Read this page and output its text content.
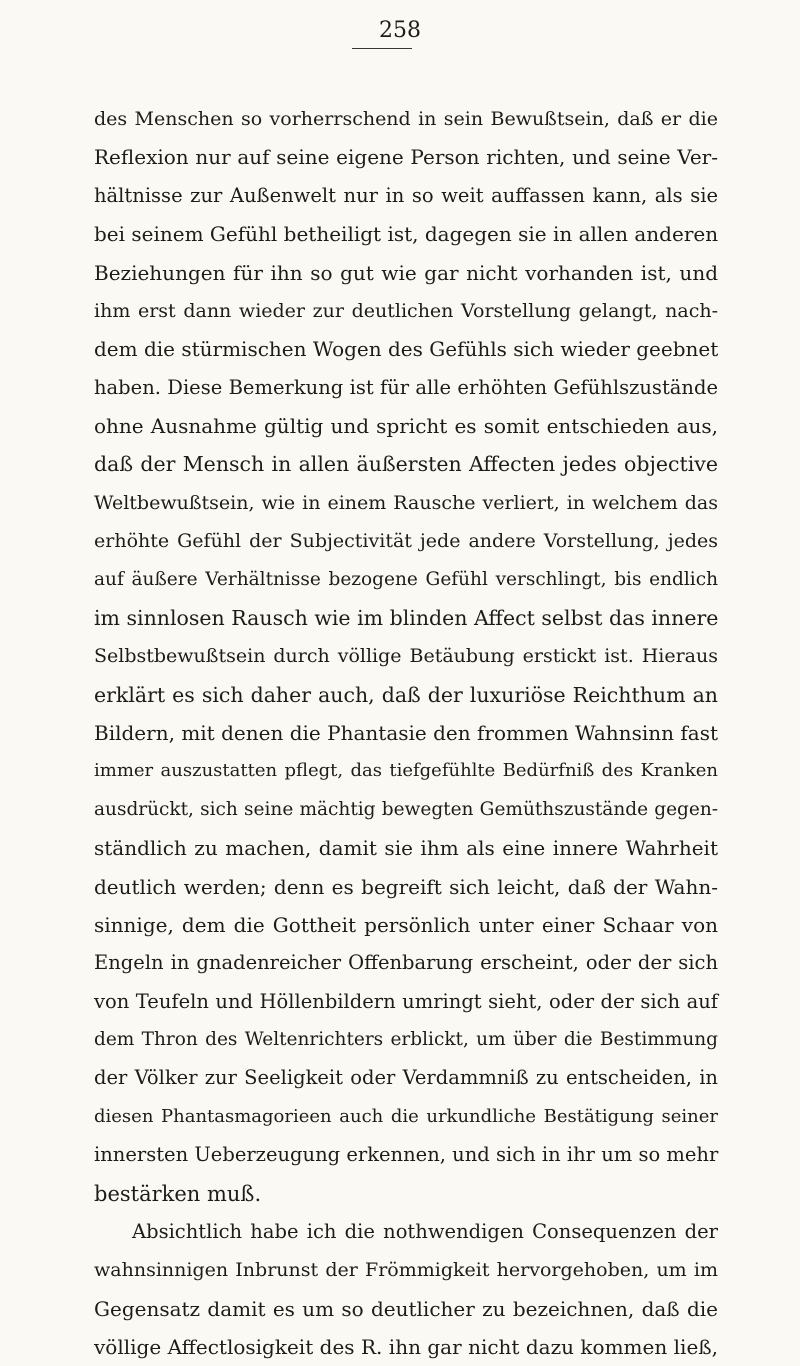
258
des Menschen so vorherrschend in sein Bewußtsein, daß er die
Reflexion nur auf seine eigene Person richten, und seine Ver-
hältnisse zur Außenwelt nur in so weit auffassen kann, als sie
bei seinem Gefühl betheiligt ist, dagegen sie in allen anderen
Beziehungen für ihn so gut wie gar nicht vorhanden ist, und
ihm erst dann wieder zur deutlichen Vorstellung gelangt, nach-
dem die stürmischen Wogen des Gefühls sich wieder geebnet
haben. Diese Bemerkung ist für alle erhöhten Gefühlszustände
ohne Ausnahme gültig und spricht es somit entschieden aus,
daß der Mensch in allen äußersten Affecten jedes objective
Weltbewußtsein, wie in einem Rausche verliert, in welchem das
erhöhte Gefühl der Subjectivität jede andere Vorstellung, jedes
auf äußere Verhältnisse bezogene Gefühl verschlingt, bis endlich
im sinnlosen Rausch wie im blinden Affect selbst das innere
Selbstbewußtsein durch völlige Betäubung erstickt ist. Hieraus
erklärt es sich daher auch, daß der luxuriöse Reichthum an
Bildern, mit denen die Phantasie den frommen Wahnsinn fast
immer auszustatten pflegt, das tiefgefühlte Bedürfniß des Kranken
ausdrückt, sich seine mächtig bewegten Gemüthszustände gegen-
ständlich zu machen, damit sie ihm als eine innere Wahrheit
deutlich werden; denn es begreift sich leicht, daß der Wahn-
sinnige, dem die Gottheit persönlich unter einer Schaar von
Engeln in gnadenreicher Offenbarung erscheint, oder der sich
von Teufeln und Höllenbildern umringt sieht, oder der sich auf
dem Thron des Weltenrichters erblickt, um über die Bestimmung
der Völker zur Seeligkeit oder Verdammniß zu entscheiden, in
diesen Phantasmagorieen auch die urkundliche Bestätigung seiner
innersten Ueberzeugung erkennen, und sich in ihr um so mehr
bestärken muß.
Absichtlich habe ich die nothwendigen Consequenzen der
wahnsinnigen Inbrunst der Frömmigkeit hervorgehoben, um im
Gegensatz damit es um so deutlicher zu bezeichnen, daß die
völlige Affectlosigkeit des R. ihn gar nicht dazu kommen ließ,
